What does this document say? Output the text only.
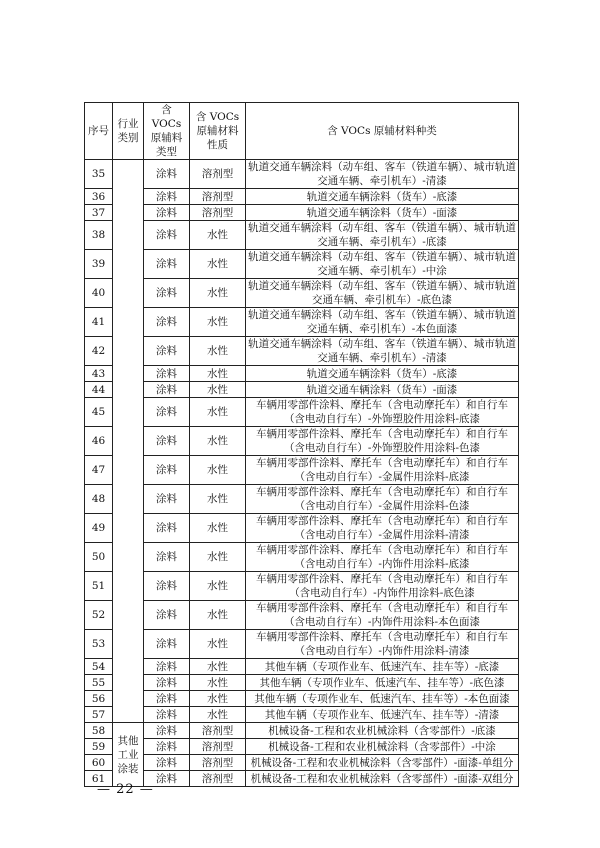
序号	行业类别	含 VOCs 原辅料类型	含 VOCs 原辅材料性质	含 VOCs 原辅材料种类
35		涂料	溶剂型	轨道交通车辆涂料（动车组、客车（铁道车辆）、城市轨道交通车辆、牵引机车）-清漆
36		涂料	溶剂型	轨道交通车辆涂料（货车）-底漆
37		涂料	溶剂型	轨道交通车辆涂料（货车）-面漆
38		涂料	水性	轨道交通车辆涂料（动车组、客车（铁道车辆）、城市轨道交通车辆、牵引机车）-底漆
39		涂料	水性	轨道交通车辆涂料（动车组、客车（铁道车辆）、城市轨道交通车辆、牵引机车）-中涂
40		涂料	水性	轨道交通车辆涂料（动车组、客车（铁道车辆）、城市轨道交通车辆、牵引机车）-底色漆
41		涂料	水性	轨道交通车辆涂料（动车组、客车（铁道车辆）、城市轨道交通车辆、牵引机车）-本色面漆
42		涂料	水性	轨道交通车辆涂料（动车组、客车（铁道车辆）、城市轨道交通车辆、牵引机车）-清漆
43		涂料	水性	轨道交通车辆涂料（货车）-底漆
44		涂料	水性	轨道交通车辆涂料（货车）-面漆
45		涂料	水性	车辆用零部件涂料、摩托车（含电动摩托车）和自行车（含电动自行车）-外饰塑胶件用涂料-底漆
46		涂料	水性	车辆用零部件涂料、摩托车（含电动摩托车）和自行车（含电动自行车）-外饰塑胶件用涂料-色漆
47		涂料	水性	车辆用零部件涂料、摩托车（含电动摩托车）和自行车（含电动自行车）-金属件用涂料-底漆
48		涂料	水性	车辆用零部件涂料、摩托车（含电动摩托车）和自行车（含电动自行车）-金属件用涂料-色漆
49		涂料	水性	车辆用零部件涂料、摩托车（含电动摩托车）和自行车（含电动自行车）-金属件用涂料-清漆
50		涂料	水性	车辆用零部件涂料、摩托车（含电动摩托车）和自行车（含电动自行车）-内饰件用涂料-底漆
51		涂料	水性	车辆用零部件涂料、摩托车（含电动摩托车）和自行车（含电动自行车）-内饰件用涂料-底色漆
52		涂料	水性	车辆用零部件涂料、摩托车（含电动摩托车）和自行车（含电动自行车）-内饰件用涂料-本色面漆
53		涂料	水性	车辆用零部件涂料、摩托车（含电动摩托车）和自行车（含电动自行车）-内饰件用涂料-清漆
54		涂料	水性	其他车辆（专项作业车、低速汽车、挂车等）-底漆
55		涂料	水性	其他车辆（专项作业车、低速汽车、挂车等）-底色漆
56		涂料	水性	其他车辆（专项作业车、低速汽车、挂车等）-本色面漆
57		涂料	水性	其他车辆（专项作业车、低速汽车、挂车等）-清漆
58	其他工业涂装	涂料	溶剂型	机械设备-工程和农业机械涂料（含零部件）-底漆
59		涂料	溶剂型	机械设备-工程和农业机械涂料（含零部件）-中涂
60		涂料	溶剂型	机械设备-工程和农业机械涂料（含零部件）-面漆-单组分
61		涂料	溶剂型	机械设备-工程和农业机械涂料（含零部件）-面漆-双组分
— 22 —
